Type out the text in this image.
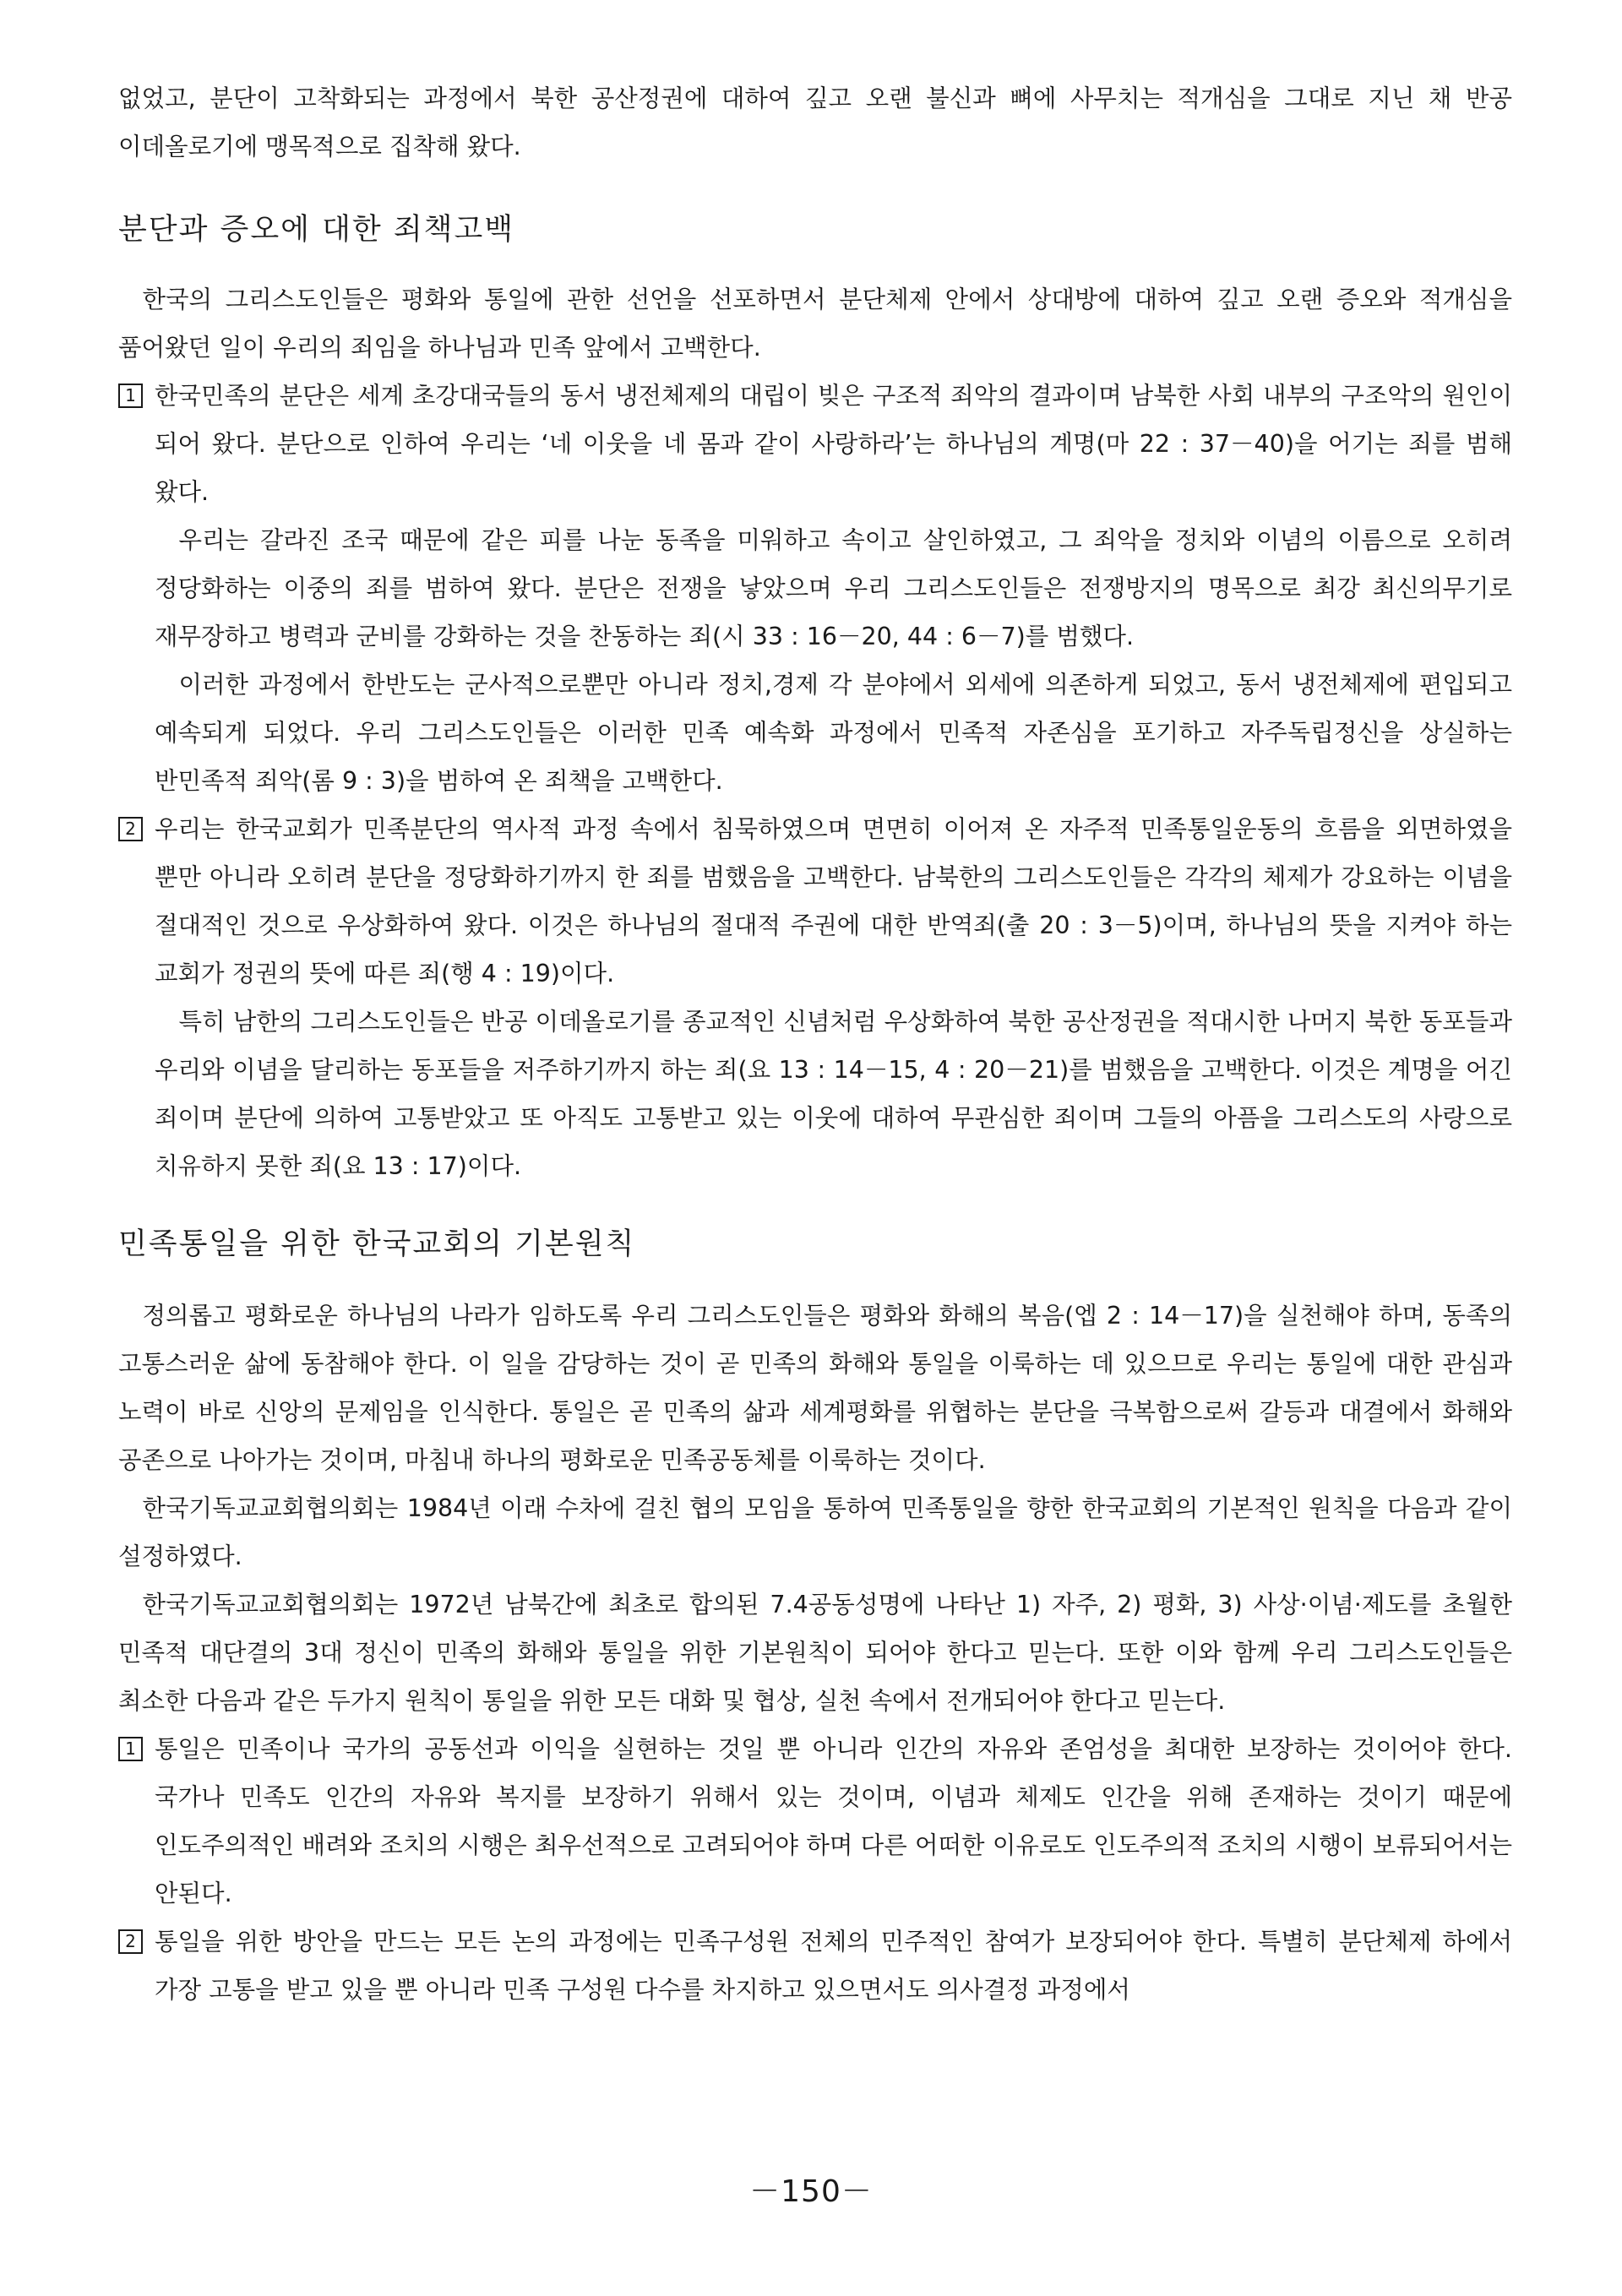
없었고, 분단이 고착화되는 과정에서 북한 공산정권에 대하여 깊고 오랜 불신과 뼈에 사무치는 적개심을 그대로 지닌 채 반공 이데올로기에 맹목적으로 집착해 왔다.

분단과 증오에 대한 죄책고백

한국의 그리스도인들은 평화와 통일에 관한 선언을 선포하면서 분단체제 안에서 상대방에 대하여 깊고 오랜 증오와 적개심을 품어왔던 일이 우리의 죄임을 하나님과 민족 앞에서 고백한다.

1 한국민족의 분단은 세계 초강대국들의 동서 냉전체제의 대립이 빚은 구조적 죄악의 결과이며 남북한 사회 내부의 구조악의 원인이 되어 왔다. 분단으로 인하여 우리는 ‘네 이웃을 네 몸과 같이 사랑하라’는 하나님의 계명(마 22 : 37－40)을 어기는 죄를 범해 왔다.

우리는 갈라진 조국 때문에 같은 피를 나눈 동족을 미워하고 속이고 살인하였고, 그 죄악을 정치와 이념의 이름으로 오히려 정당화하는 이중의 죄를 범하여 왔다. 분단은 전쟁을 낳았으며 우리 그리스도인들은 전쟁방지의 명목으로 최강 최신의무기로 재무장하고 병력과 군비를 강화하는 것을 찬동하는 죄(시 33 : 16－20, 44 : 6－7)를 범했다.

이러한 과정에서 한반도는 군사적으로뿐만 아니라 정치,경제 각 분야에서 외세에 의존하게 되었고, 동서 냉전체제에 편입되고 예속되게 되었다. 우리 그리스도인들은 이러한 민족 예속화 과정에서 민족적 자존심을 포기하고 자주독립정신을 상실하는 반민족적 죄악(롬 9 : 3)을 범하여 온 죄책을 고백한다.

2 우리는 한국교회가 민족분단의 역사적 과정 속에서 침묵하였으며 면면히 이어져 온 자주적 민족통일운동의 흐름을 외면하였을 뿐만 아니라 오히려 분단을 정당화하기까지 한 죄를 범했음을 고백한다. 남북한의 그리스도인들은 각각의 체제가 강요하는 이념을 절대적인 것으로 우상화하여 왔다. 이것은 하나님의 절대적 주권에 대한 반역죄(출 20 : 3－5)이며, 하나님의 뜻을 지켜야 하는 교회가 정권의 뜻에 따른 죄(행 4 : 19)이다.

특히 남한의 그리스도인들은 반공 이데올로기를 종교적인 신념처럼 우상화하여 북한 공산정권을 적대시한 나머지 북한 동포들과 우리와 이념을 달리하는 동포들을 저주하기까지 하는 죄(요 13 : 14－15, 4 : 20－21)를 범했음을 고백한다. 이것은 계명을 어긴 죄이며 분단에 의하여 고통받았고 또 아직도 고통받고 있는 이웃에 대하여 무관심한 죄이며 그들의 아픔을 그리스도의 사랑으로 치유하지 못한 죄(요 13 : 17)이다.

민족통일을 위한 한국교회의 기본원칙

정의롭고 평화로운 하나님의 나라가 임하도록 우리 그리스도인들은 평화와 화해의 복음(엡 2 : 14－17)을 실천해야 하며, 동족의 고통스러운 삶에 동참해야 한다. 이 일을 감당하는 것이 곧 민족의 화해와 통일을 이룩하는 데 있으므로 우리는 통일에 대한 관심과 노력이 바로 신앙의 문제임을 인식한다. 통일은 곧 민족의 삶과 세계평화를 위협하는 분단을 극복함으로써 갈등과 대결에서 화해와 공존으로 나아가는 것이며, 마침내 하나의 평화로운 민족공동체를 이룩하는 것이다.

한국기독교교회협의회는 1984년 이래 수차에 걸친 협의 모임을 통하여 민족통일을 향한 한국교회의 기본적인 원칙을 다음과 같이 설정하였다.

한국기독교교회협의회는 1972년 남북간에 최초로 합의된 7.4공동성명에 나타난 1) 자주, 2) 평화, 3) 사상·이념·제도를 초월한 민족적 대단결의 3대 정신이 민족의 화해와 통일을 위한 기본원칙이 되어야 한다고 믿는다. 또한 이와 함께 우리 그리스도인들은 최소한 다음과 같은 두가지 원칙이 통일을 위한 모든 대화 및 협상, 실천 속에서 전개되어야 한다고 믿는다.

1 통일은 민족이나 국가의 공동선과 이익을 실현하는 것일 뿐 아니라 인간의 자유와 존엄성을 최대한 보장하는 것이어야 한다. 국가나 민족도 인간의 자유와 복지를 보장하기 위해서 있는 것이며, 이념과 체제도 인간을 위해 존재하는 것이기 때문에 인도주의적인 배려와 조치의 시행은 최우선적으로 고려되어야 하며 다른 어떠한 이유로도 인도주의적 조치의 시행이 보류되어서는 안된다.

2 통일을 위한 방안을 만드는 모든 논의 과정에는 민족구성원 전체의 민주적인 참여가 보장되어야 한다. 특별히 분단체제 하에서 가장 고통을 받고 있을 뿐 아니라 민족 구성원 다수를 차지하고 있으면서도 의사결정 과정에서

－150－
